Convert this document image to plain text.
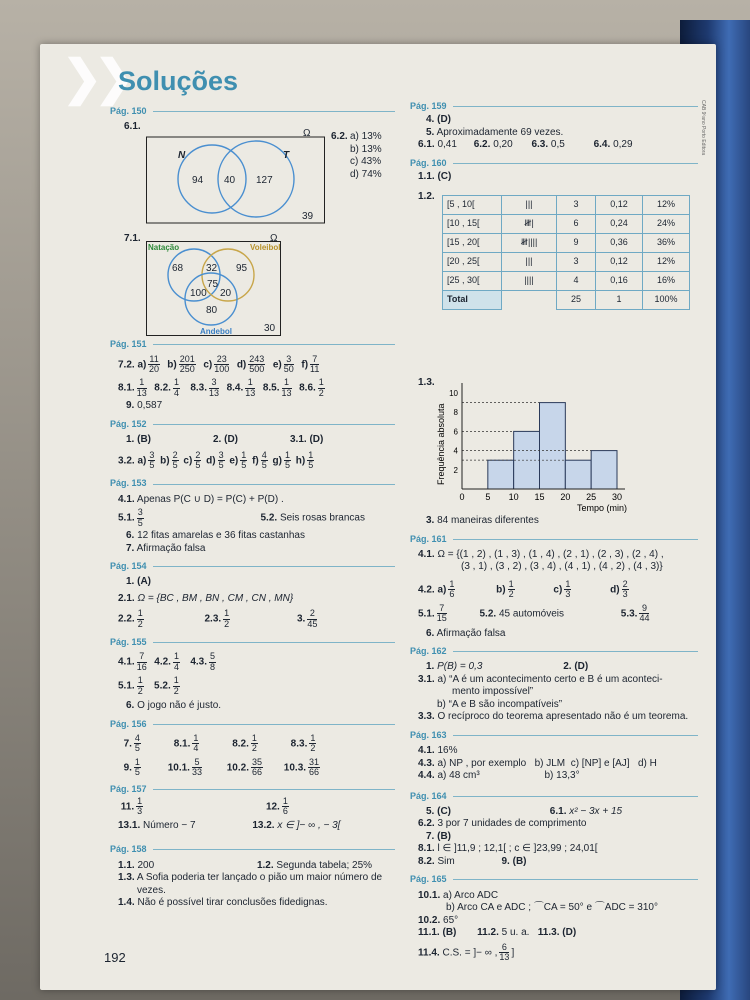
❯❯
Soluções
CAB 9ºano Porto Editora
Pág. 150
6.1.
Ω
N	T
94 40 127
39
6.2. a) 13%
b) 13%
c) 43%
d) 74%
7.1.	Ω
Natação	Voleibol
Andebol
68 32 95
75
100 20
80
30
Pág. 151
7.2. $a) \frac{11}{20} b) \frac{201}{250} c) \frac{23}{100} d) \frac{243}{500} e) \frac{3}{50} f) \frac{7}{11}$
8.1. $\frac{1}{13} 8.2$. $\frac{1}{4} 8.3$. $\frac{3}{13} 8.4$. $\frac{1}{13} 8.5$. $\frac{1}{13} 8.6$. $\frac{1}{2}$
9. 0,587
Pág. 152
1. (B)	2. (D)	3.1. (D)
3.2. $a) \frac{3}{5} b) \frac{2}{5} c) \frac{2}{5} d) \frac{3}{5} e) \frac{1}{5} f) \frac{4}{5} g) \frac{1}{5} h) \frac{1}{5}$
Pág. 153
4.1. Apenas P(C ∪ D) = P(C) + P(D) .
5.1. $\frac{3}{5}$	5.2. Seis rosas brancas
6. 12 fitas amarelas e 36 fitas castanhas
7. Afirmação falsa
Pág. 154
1. (A)
2.1. Ω = {BC , BM , BN , CM , CN , MN}
2.2. $\frac{1}{2}$	2.3. $\frac{1}{2}$	3. $\frac{2}{45}$
Pág. 155
4.1. $\frac{7}{16} 4.2$. $\frac{1}{4} 4.3$. $\frac{5}{8}$
5.1. $\frac{1}{2} 5.2$. $\frac{1}{2}$
6. O jogo não é justo.
Pág. 156
7. $\frac{4}{5}$	8.1. $\frac{1}{4}$	8.2. $\frac{1}{2}$	8.3. $\frac{1}{2}$
9. $\frac{1}{5}$	10.1. $\frac{5}{33} 10.2$. $\frac{35}{66} 10.3$. $\frac{31}{66}$
Pág. 157
11. $\frac{1}{3}$	12. $\frac{1}{6}$
13.1. Número − 7	13.2. x ∈ ]− ∞ , − 3[
Pág. 158
1.1. 200	1.2. Segunda tabela; 25%
1.3. A Sofia poderia ter lançado o pião um maior número de
vezes.
1.4. Não é possível tirar conclusões fidedignas.
192
Pág. 159
4. (D)
5. Aproximadamente 69 vezes.
6.1. 0,41 6.2. 0,20 6.3. 0,5	6.4. 0,29
Pág. 160
1.1. (C)
1.2.
[5 , 10[	|||	3	0,12	12%
[10 , 15[	𝍸|	6	0,24	24%
[15 , 20[	𝍸||||	9	0,36	36%
[20 , 25[	|||	3	0,12	12%
[25 , 30[	||||	4	0,16	16%
Total		25	1	100%
1.3.
0 5 10 15 20 25 30
2
4
6
8
10
Tempo (min)
Frequência absoluta
3. 84 maneiras diferentes
Pág. 161
4.1. Ω = {(1 , 2) , (1 , 3) , (1 , 4) , (2 , 1) , (2 , 3) , (2 , 4) ,
(3 , 1) , (3 , 2) , (3 , 4) , (4 , 1) , (4 , 2) , (4 , 3)}
4.2. $a) \frac{1}{6}$	$b) \frac{1}{2}$	$c) \frac{1}{3}$	$d) \frac{2}{3}$
5.1. $\frac{7}{15}$	5.2. 45 automóveis	5.3. $\frac{9}{44}$
6. Afirmação falsa
Pág. 162
1. P(B) = 0,3	2. (D)
3.1. a) “A é um acontecimento certo e B é um aconteci-
mento impossível”
b) “A e B são incompatíveis”
3.3. O recíproco do teorema apresentado não é um teorema.
Pág. 163
4.1. 16%
4.3. a) NP , por exemplo b) JLM c) [NP] e [AJ] d) H
4.4. a) 48 cm³	b) 13,3°
Pág. 164
5. (C)	6.1. x² − 3x + 15
6.2. 3 por 7 unidades de comprimento
7. (B)
8.1. l ∈ ]11,9 ; 12,1[ ; c ∈ ]23,99 ; 24,01[
8.2. Sim	9. (B)
Pág. 165
10.1. a) Arco ADC
b) Arco CA e ADC ; ⌒CA = 50° e ⌒ADC = 310°
10.2. 65°
11.1. (B) 11.2. 5 u. a. 11.3. (D)
11.4. C.S. = ]− ∞ , $\frac{6}{13}$ ]
